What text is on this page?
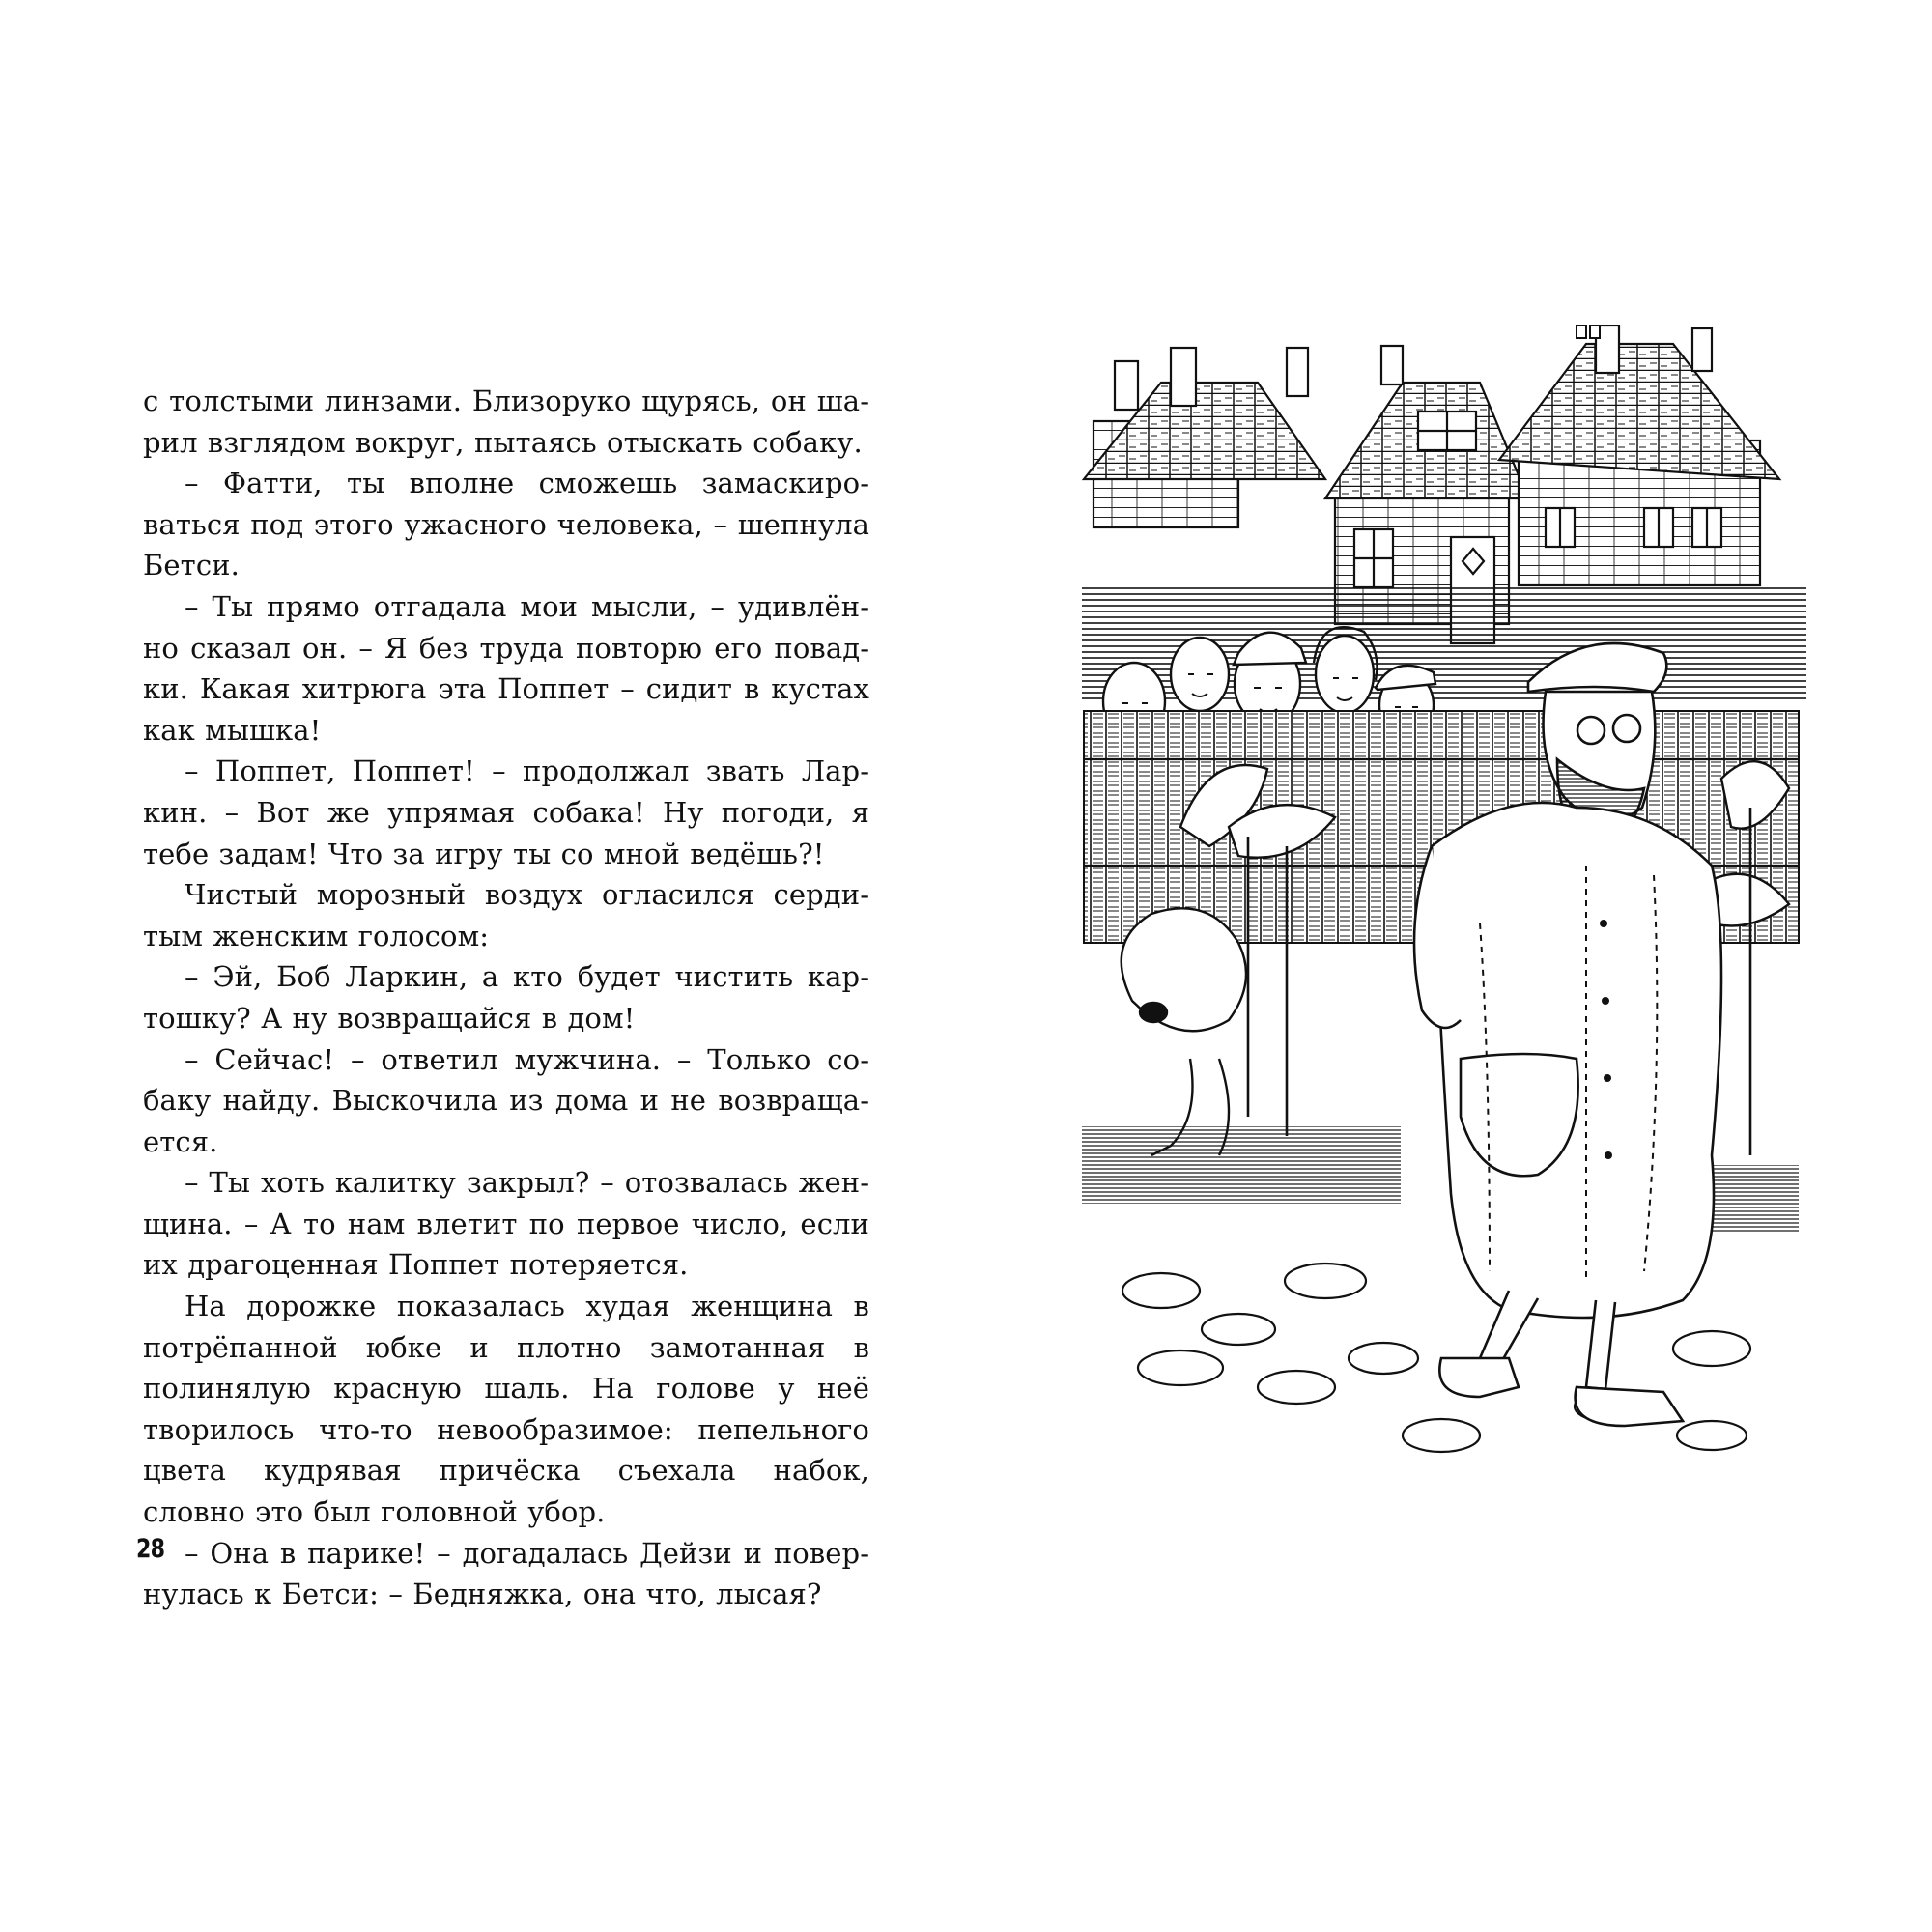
с толстыми линзами. Близоруко щурясь, он шарил взглядом вокруг, пытаясь отыскать собаку.

– Фатти, ты вполне сможешь замаскироваться под этого ужасного человека, – шепнула Бетси.

– Ты прямо отгадала мои мысли, – удивлённо сказал он. – Я без труда повторю его повадки. Какая хитрюга эта Поппет – сидит в кустах как мышка!

– Поппет, Поппет! – продолжал звать Ларкин. – Вот же упрямая собака! Ну погоди, я тебе задам! Что за игру ты со мной ведёшь?!

Чистый морозный воздух огласился сердитым женским голосом:

– Эй, Боб Ларкин, а кто будет чистить картошку? А ну возвращайся в дом!

– Сейчас! – ответил мужчина. – Только собаку найду. Выскочила из дома и не возвращается.

– Ты хоть калитку закрыл? – отозвалась женщина. – А то нам влетит по первое число, если их драгоценная Поппет потеряется.

На дорожке показалась худая женщина в потрёпанной юбке и плотно замотанная в полинялую красную шаль. На голове у неё творилось что-то невообразимое: пепельного цвета кудрявая причёска съехала набок, словно это был головной убор.

– Она в парике! – догадалась Дейзи и повернулась к Бетси: – Бедняжка, она что, лысая?

28
